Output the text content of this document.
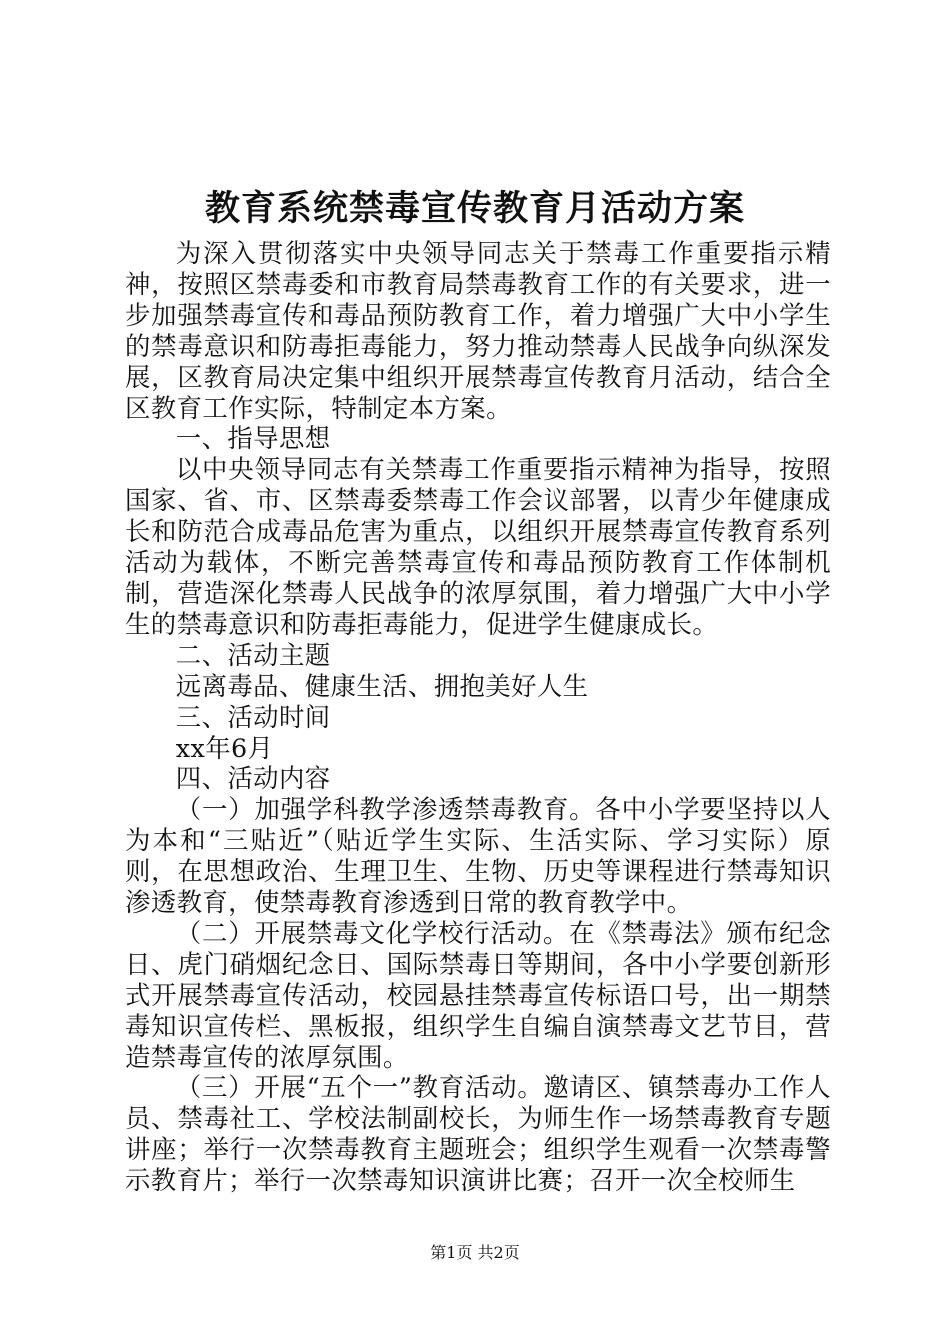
教育系统禁毒宣传教育月活动方案

为深入贯彻落实中央领导同志关于禁毒工作重要指示精神，按照区禁毒委和市教育局禁毒教育工作的有关要求，进一步加强禁毒宣传和毒品预防教育工作，着力增强广大中小学生的禁毒意识和防毒拒毒能力，努力推动禁毒人民战争向纵深发展，区教育局决定集中组织开展禁毒宣传教育月活动，结合全区教育工作实际，特制定本方案。

一、指导思想

以中央领导同志有关禁毒工作重要指示精神为指导，按照国家、省、市、区禁毒委禁毒工作会议部署，以青少年健康成长和防范合成毒品危害为重点，以组织开展禁毒宣传教育系列活动为载体，不断完善禁毒宣传和毒品预防教育工作体制机制，营造深化禁毒人民战争的浓厚氛围，着力增强广大中小学生的禁毒意识和防毒拒毒能力，促进学生健康成长。

二、活动主题

远离毒品、健康生活、拥抱美好人生

三、活动时间

xx年6月

四、活动内容

（一）加强学科教学渗透禁毒教育。各中小学要坚持以人为本和“三贴近”（贴近学生实际、生活实际、学习实际）原则，在思想政治、生理卫生、生物、历史等课程进行禁毒知识渗透教育，使禁毒教育渗透到日常的教育教学中。

（二）开展禁毒文化学校行活动。在《禁毒法》颁布纪念日、虎门硝烟纪念日、国际禁毒日等期间，各中小学要创新形式开展禁毒宣传活动，校园悬挂禁毒宣传标语口号，出一期禁毒知识宣传栏、黑板报，组织学生自编自演禁毒文艺节目，营造禁毒宣传的浓厚氛围。

（三）开展“五个一”教育活动。邀请区、镇禁毒办工作人员、禁毒社工、学校法制副校长，为师生作一场禁毒教育专题讲座；举行一次禁毒教育主题班会；组织学生观看一次禁毒警示教育片；举行一次禁毒知识演讲比赛；召开一次全校师生

第1页 共2页
